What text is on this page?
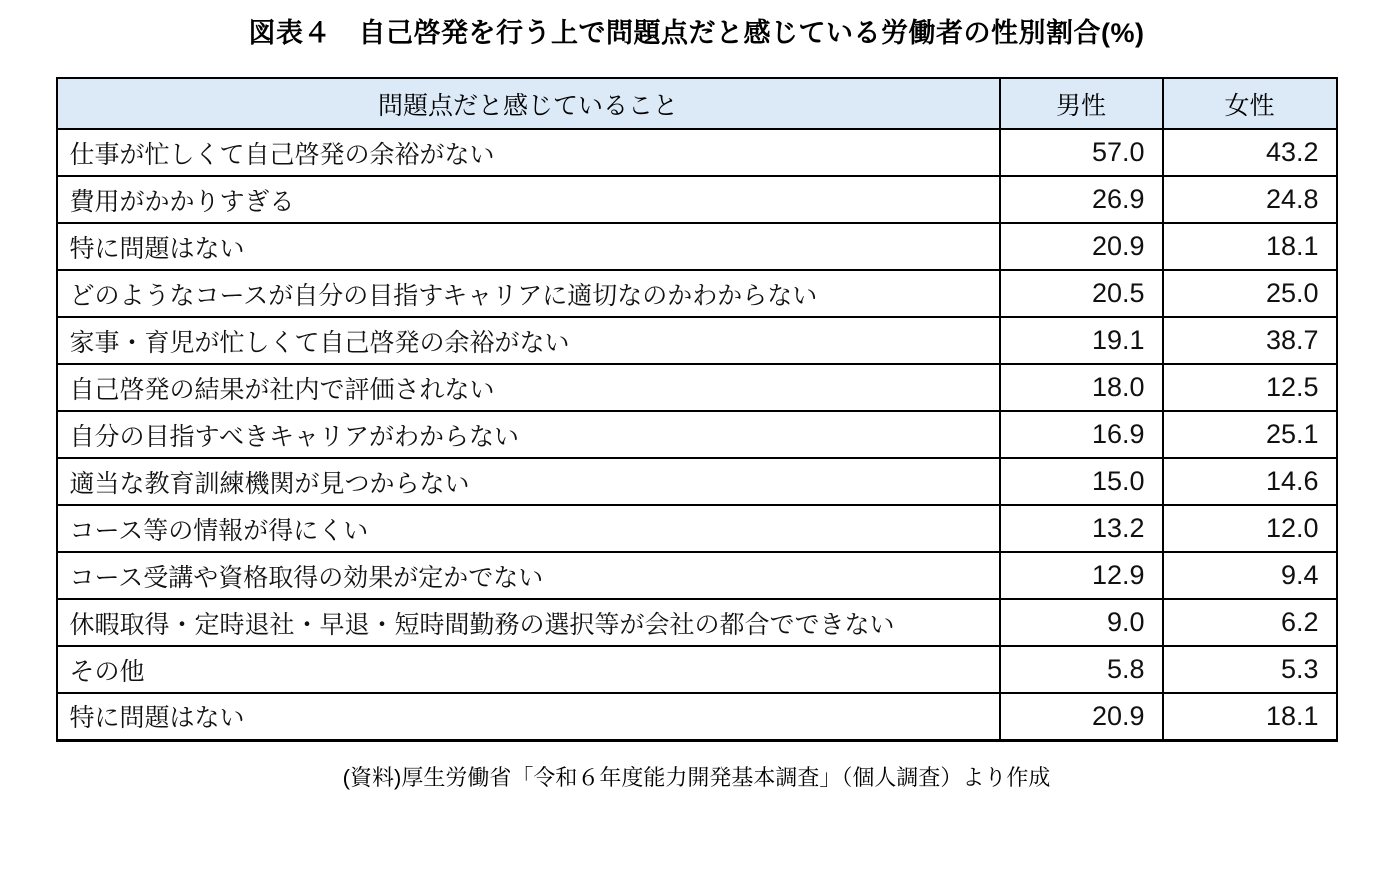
図表４　自己啓発を行う上で問題点だと感じている労働者の性別割合(%)
問題点だと感じていること	男性	女性
仕事が忙しくて自己啓発の余裕がない	57.0	43.2
費用がかかりすぎる	26.9	24.8
特に問題はない	20.9	18.1
どのようなコースが自分の目指すキャリアに適切なのかわからない	20.5	25.0
家事・育児が忙しくて自己啓発の余裕がない	19.1	38.7
自己啓発の結果が社内で評価されない	18.0	12.5
自分の目指すべきキャリアがわからない	16.9	25.1
適当な教育訓練機関が見つからない	15.0	14.6
コース等の情報が得にくい	13.2	12.0
コース受講や資格取得の効果が定かでない	12.9	9.4
休暇取得・定時退社・早退・短時間勤務の選択等が会社の都合でできない	9.0	6.2
その他	5.8	5.3
特に問題はない	20.9	18.1
(資料)厚生労働省「令和６年度能力開発基本調査」（個人調査）より作成
